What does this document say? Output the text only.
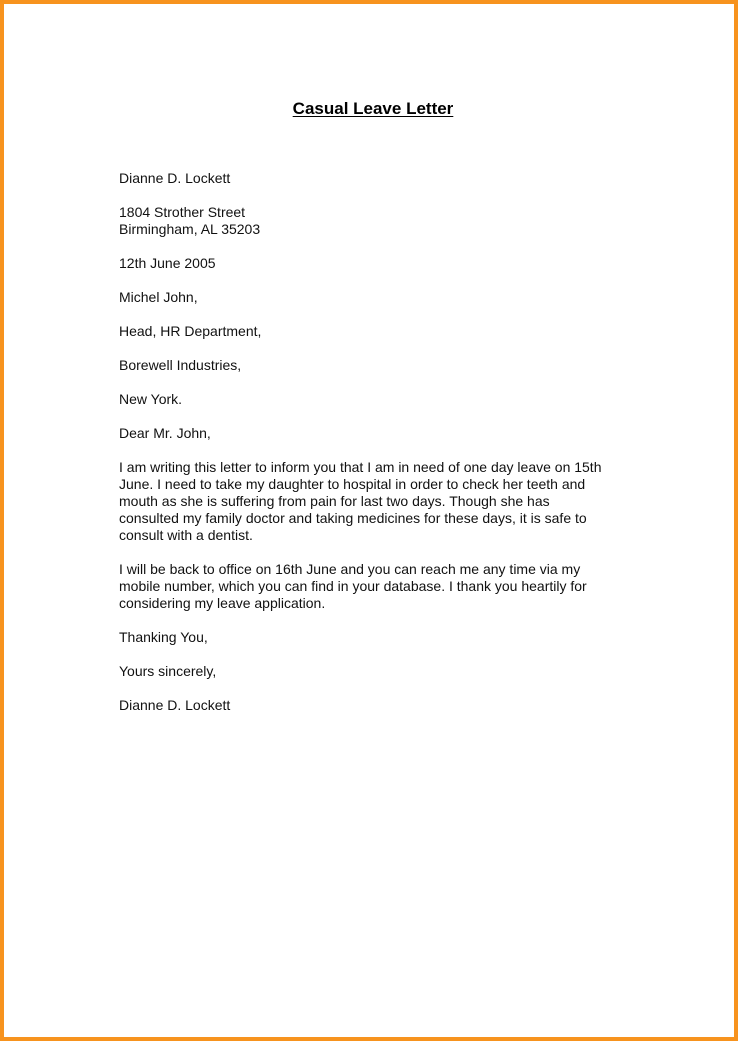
Casual Leave Letter

Dianne D. Lockett

1804 Strother Street
Birmingham, AL 35203

12th June 2005

Michel John,

Head, HR Department,

Borewell Industries,

New York.

Dear Mr. John,

I am writing this letter to inform you that I am in need of one day leave on 15th
June. I need to take my daughter to hospital in order to check her teeth and
mouth as she is suffering from pain for last two days. Though she has
consulted my family doctor and taking medicines for these days, it is safe to
consult with a dentist.

I will be back to office on 16th June and you can reach me any time via my
mobile number, which you can find in your database. I thank you heartily for
considering my leave application.

Thanking You,

Yours sincerely,

Dianne D. Lockett
